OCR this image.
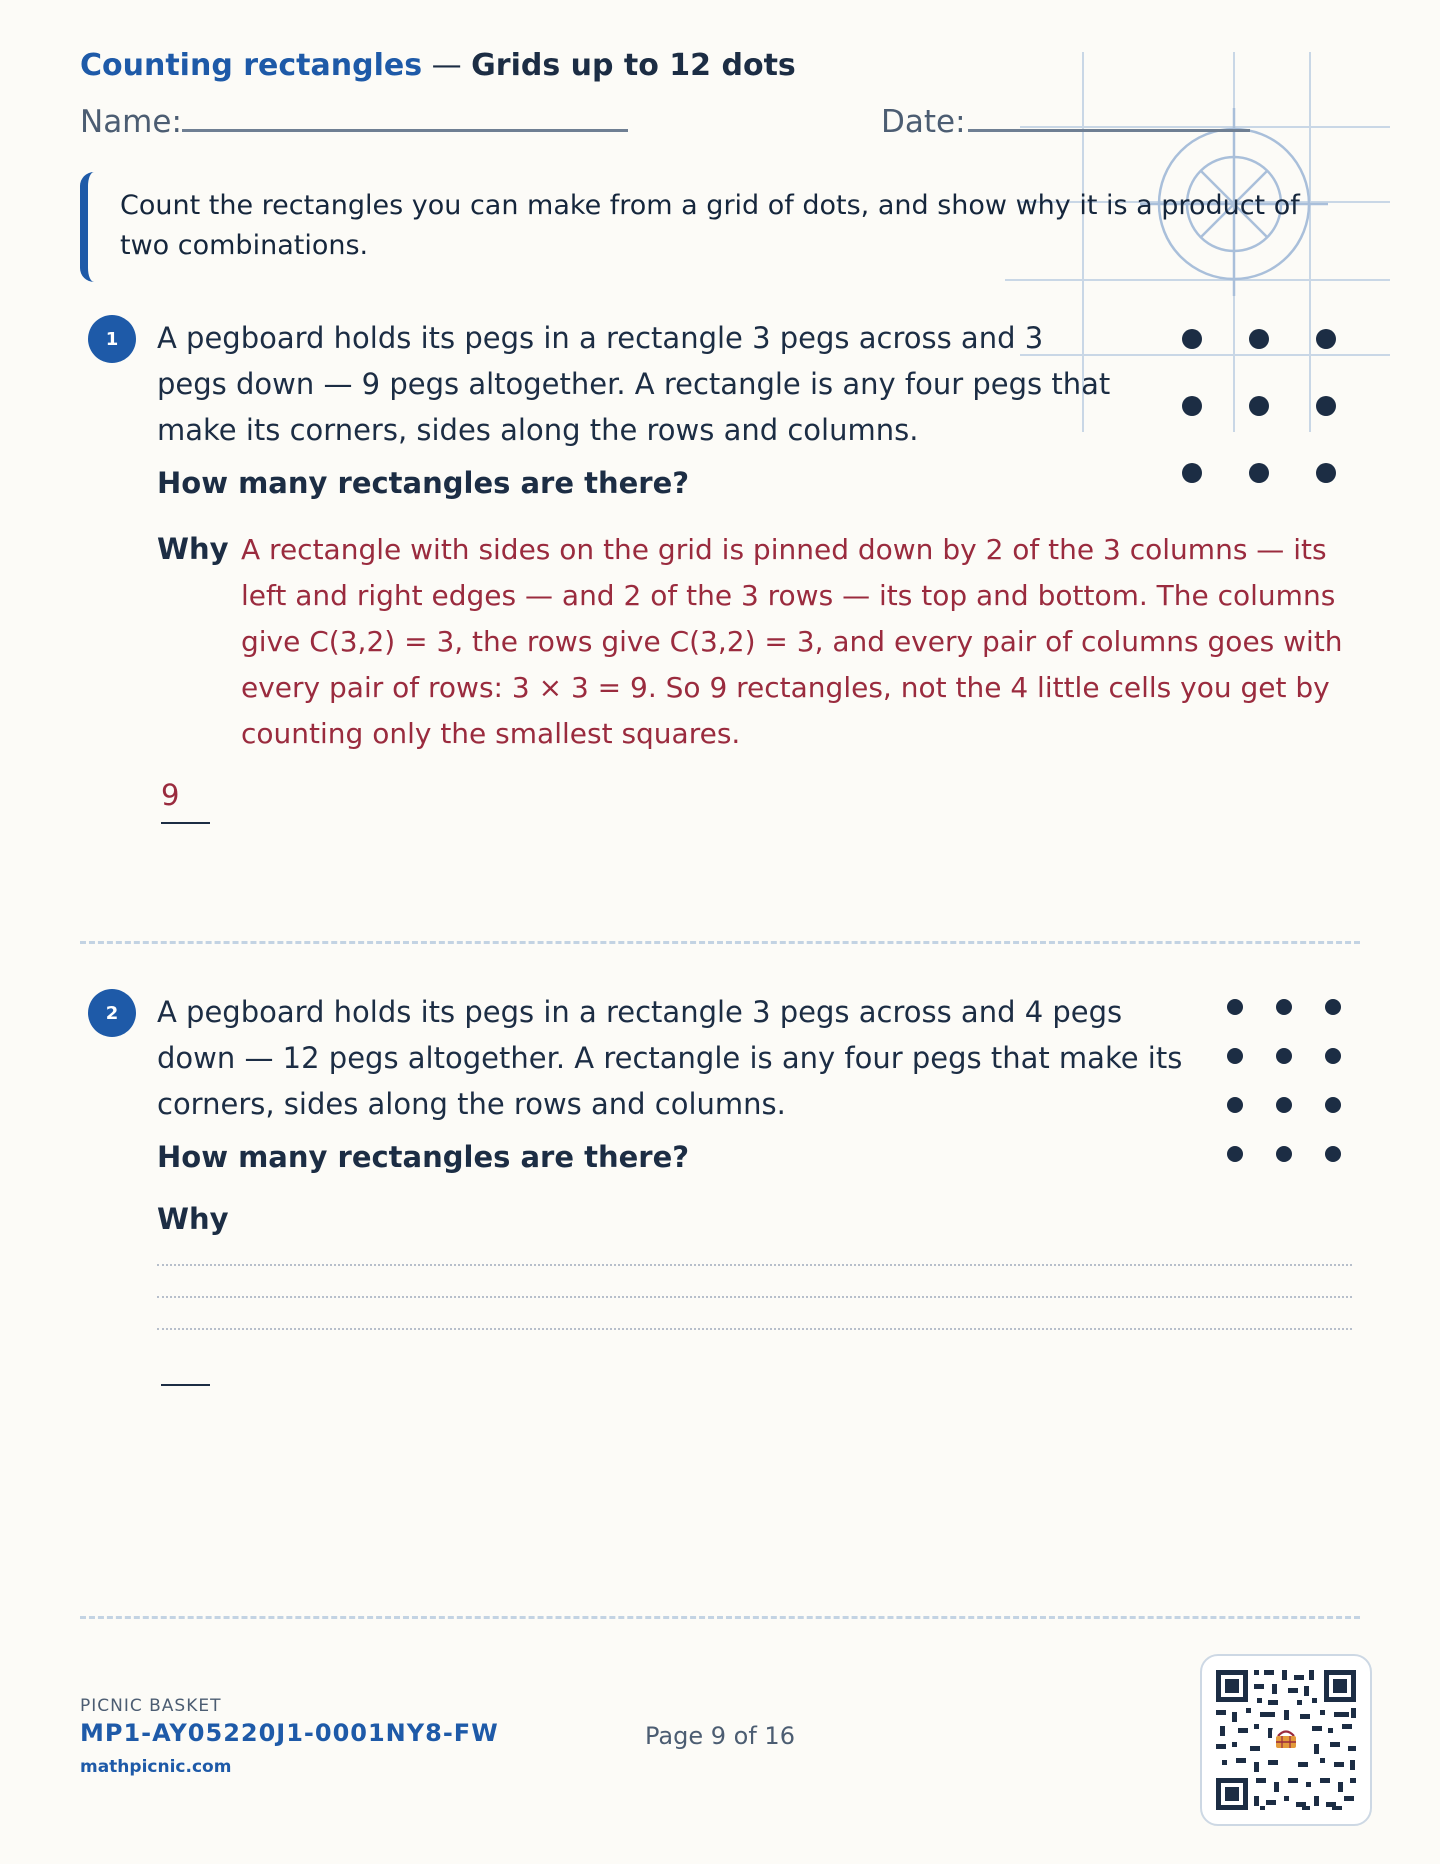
Counting rectangles — Grids up to 12 dots
Name:	Date:
Count the rectangles you can make from a grid of dots, and show why it is a product of two combinations.
1	A pegboard holds its pegs in a rectangle 3 pegs across and 3 pegs down — 9 pegs altogether. A rectangle is any four pegs that make its corners, sides along the rows and columns.
How many rectangles are there?
Why A rectangle with sides on the grid is pinned down by 2 of the 3 columns — its left and right edges — and 2 of the 3 rows — its top and bottom. The columns give C(3,2) = 3, the rows give C(3,2) = 3, and every pair of columns goes with every pair of rows: 3 × 3 = 9. So 9 rectangles, not the 4 little cells you get by counting only the smallest squares.
9
2	A pegboard holds its pegs in a rectangle 3 pegs across and 4 pegs down — 12 pegs altogether. A rectangle is any four pegs that make its corners, sides along the rows and columns.
How many rectangles are there?
Why
PICNIC BASKET
MP1-AY05220J1-0001NY8-FW
mathpicnic.com
Page 9 of 16
